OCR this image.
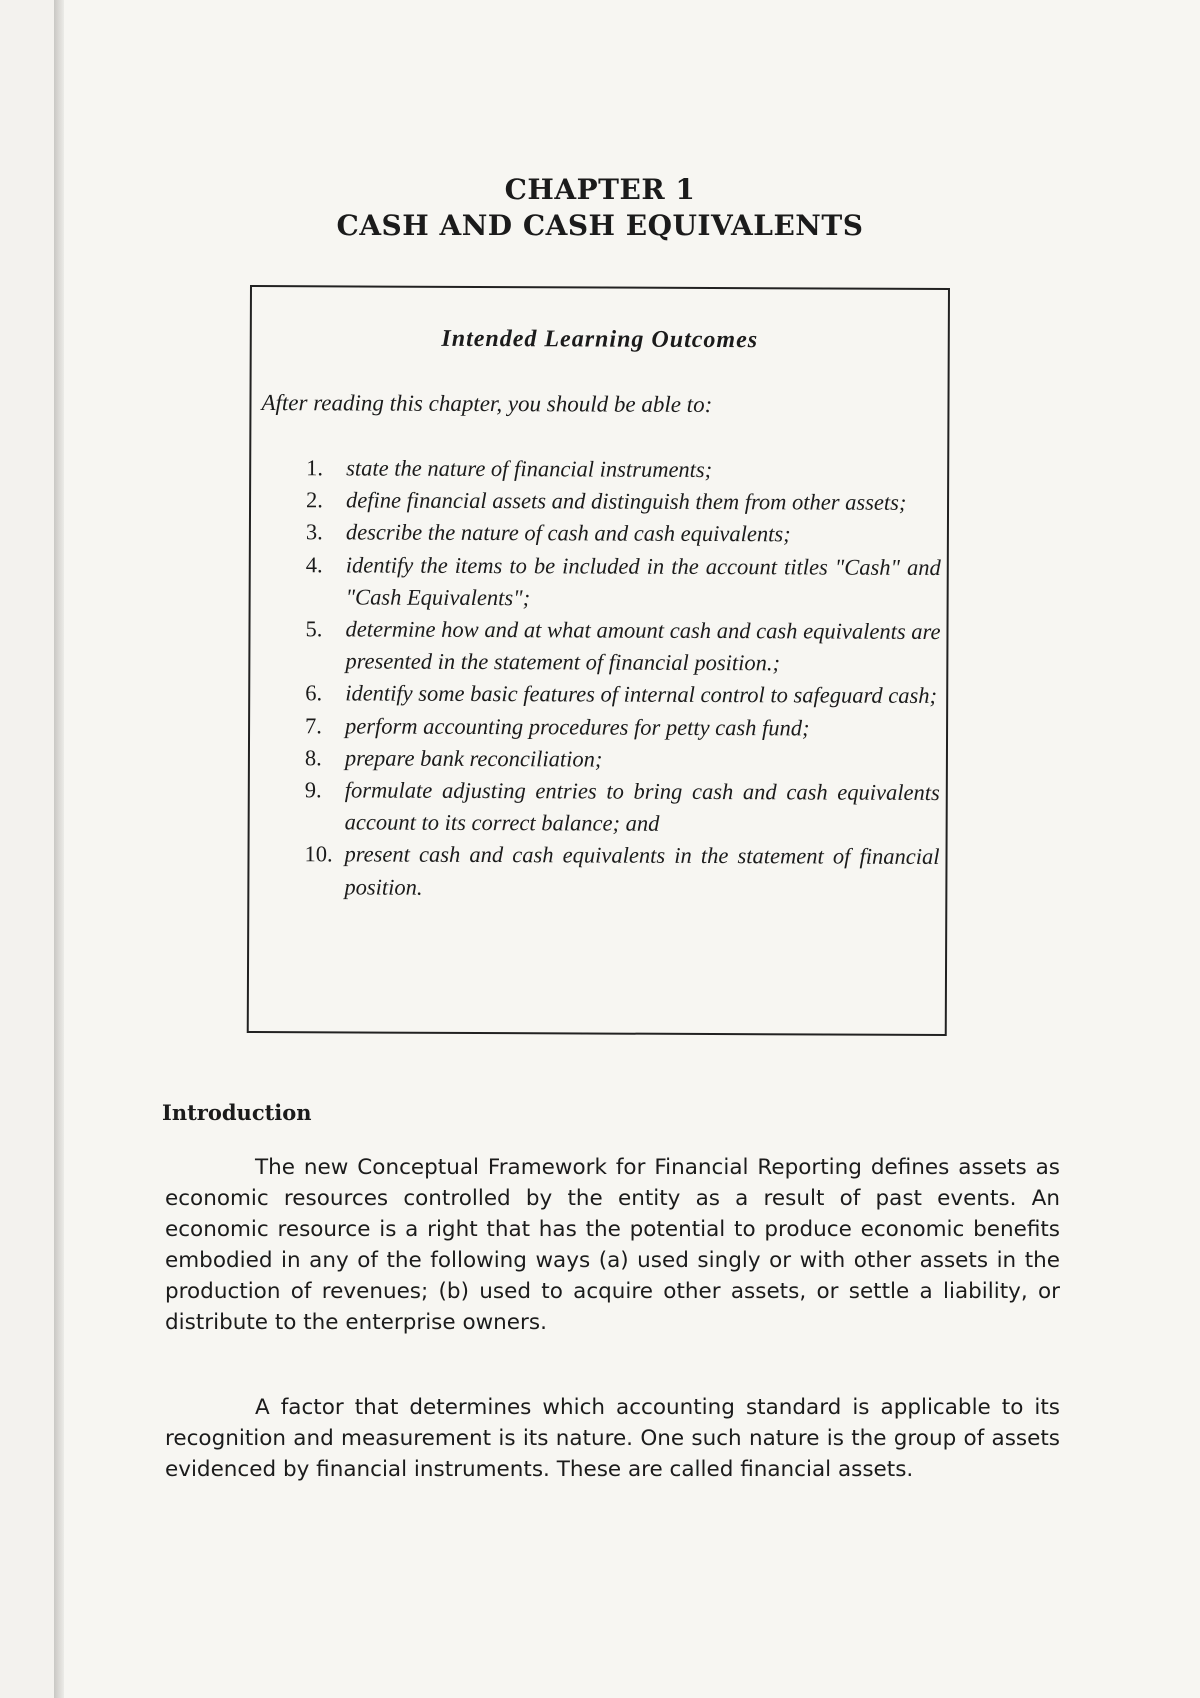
CHAPTER 1
CASH AND CASH EQUIVALENTS
Intended Learning Outcomes
After reading this chapter, you should be able to:
1.	state the nature of financial instruments;
2.	define financial assets and distinguish them from other assets;
3.	describe the nature of cash and cash equivalents;
4.	identify the items to be included in the account titles "Cash" and "Cash Equivalents";
5.	determine how and at what amount cash and cash equivalents are presented in the statement of financial position.;
6.	identify some basic features of internal control to safeguard cash;
7.	perform accounting procedures for petty cash fund;
8.	prepare bank reconciliation;
9.	formulate adjusting entries to bring cash and cash equivalents account to its correct balance; and
10. present cash and cash equivalents in the statement of financial position.
Introduction

The new Conceptual Framework for Financial Reporting defines assets as economic resources controlled by the entity as a result of past events. An economic resource is a right that has the potential to produce economic benefits embodied in any of the following ways (a) used singly or with other assets in the production of revenues; (b) used to acquire other assets, or settle a liability, or distribute to the enterprise owners.

A factor that determines which accounting standard is applicable to its recognition and measurement is its nature. One such nature is the group of assets evidenced by financial instruments. These are called financial assets.
